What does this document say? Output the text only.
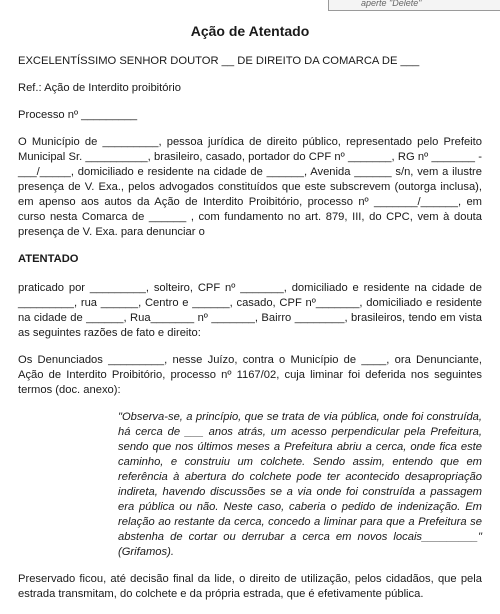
aperte "Delete"
Ação de Atentado

EXCELENTÍSSIMO SENHOR DOUTOR __ DE DIREITO DA COMARCA DE ___

Ref.: Ação de Interdito proibitório

Processo nº _________

O Município de _________, pessoa jurídica de direito público, representado pelo Prefeito Municipal Sr. __________, brasileiro, casado, portador do CPF nº _______, RG nº _______ - ___/_____, domiciliado e residente na cidade de ______, Avenida ______ s/n, vem a ilustre presença de V. Exa., pelos advogados constituídos que este subscrevem (outorga inclusa), em apenso aos autos da Ação de Interdito Proibitório, processo nº _______/______, em curso nesta Comarca de ______ , com fundamento no art. 879, III, do CPC, vem à douta presença de V. Exa. para denunciar o

ATENTADO

praticado por _________, solteiro, CPF nº _______, domiciliado e residente na cidade de _________, rua ______, Centro e ______, casado, CPF nº_______, domiciliado e residente na cidade de ______, Rua_______ nº _______, Bairro ________, brasileiros, tendo em vista as seguintes razões de fato e direito:

Os Denunciados _________, nesse Juízo, contra o Município de ____, ora Denunciante, Ação de Interdito Proibitório, processo nº 1167/02, cuja liminar foi deferida nos seguintes termos (doc. anexo):

"Observa-se, a princípio, que se trata de via pública, onde foi construída, há cerca de ___ anos atrás, um acesso perpendicular pela Prefeitura, sendo que nos últimos meses a Prefeitura abriu a cerca, onde fica este caminho, e construiu um colchete. Sendo assim, entendo que em referência à abertura do colchete pode ter acontecido desapropriação indireta, havendo discussões se a via onde foi construída a passagem era pública ou não. Neste caso, caberia o pedido de indenização. Em relação ao restante da cerca, concedo a liminar para que a Prefeitura se abstenha de cortar ou derrubar a cerca em novos locais_________" (Grifamos).

Preservado ficou, até decisão final da lide, o direito de utilização, pelos cidadãos, que pela estrada transmitam, do colchete e da própria estrada, que é efetivamente pública.
